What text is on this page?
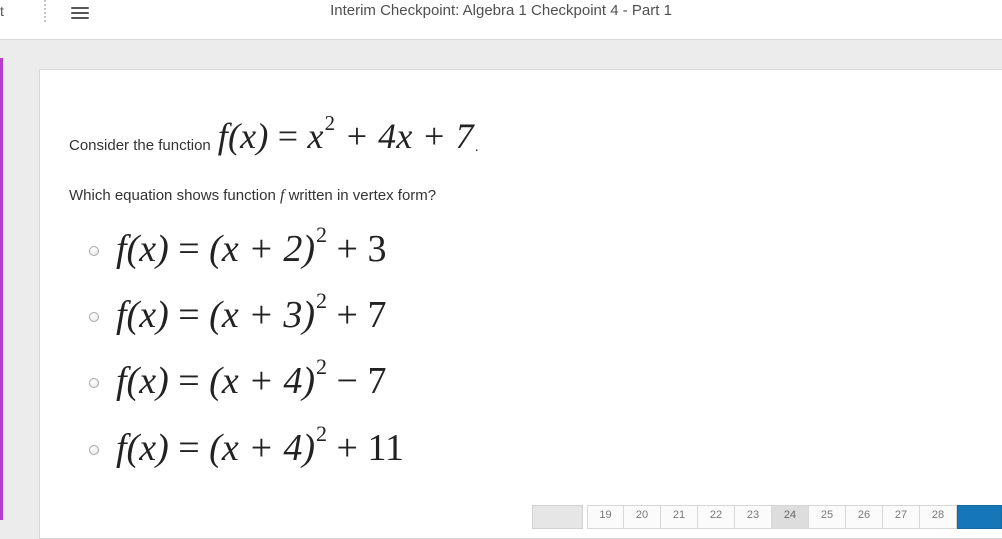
t	Interim Checkpoint: Algebra 1 Checkpoint 4 - Part 1
Consider the function $f(x) = x^2 + 4x + 7$ .
Which equation shows function f written in vertex form?
$f(x) = (x + 2)^2 + 3$
$f(x) = (x + 3)^2 + 7$
$f(x) = (x + 4)^2 - 7$
$f(x) = (x + 4)^2 + 11$
19	20	21	22	23	24	25	26	27	28
